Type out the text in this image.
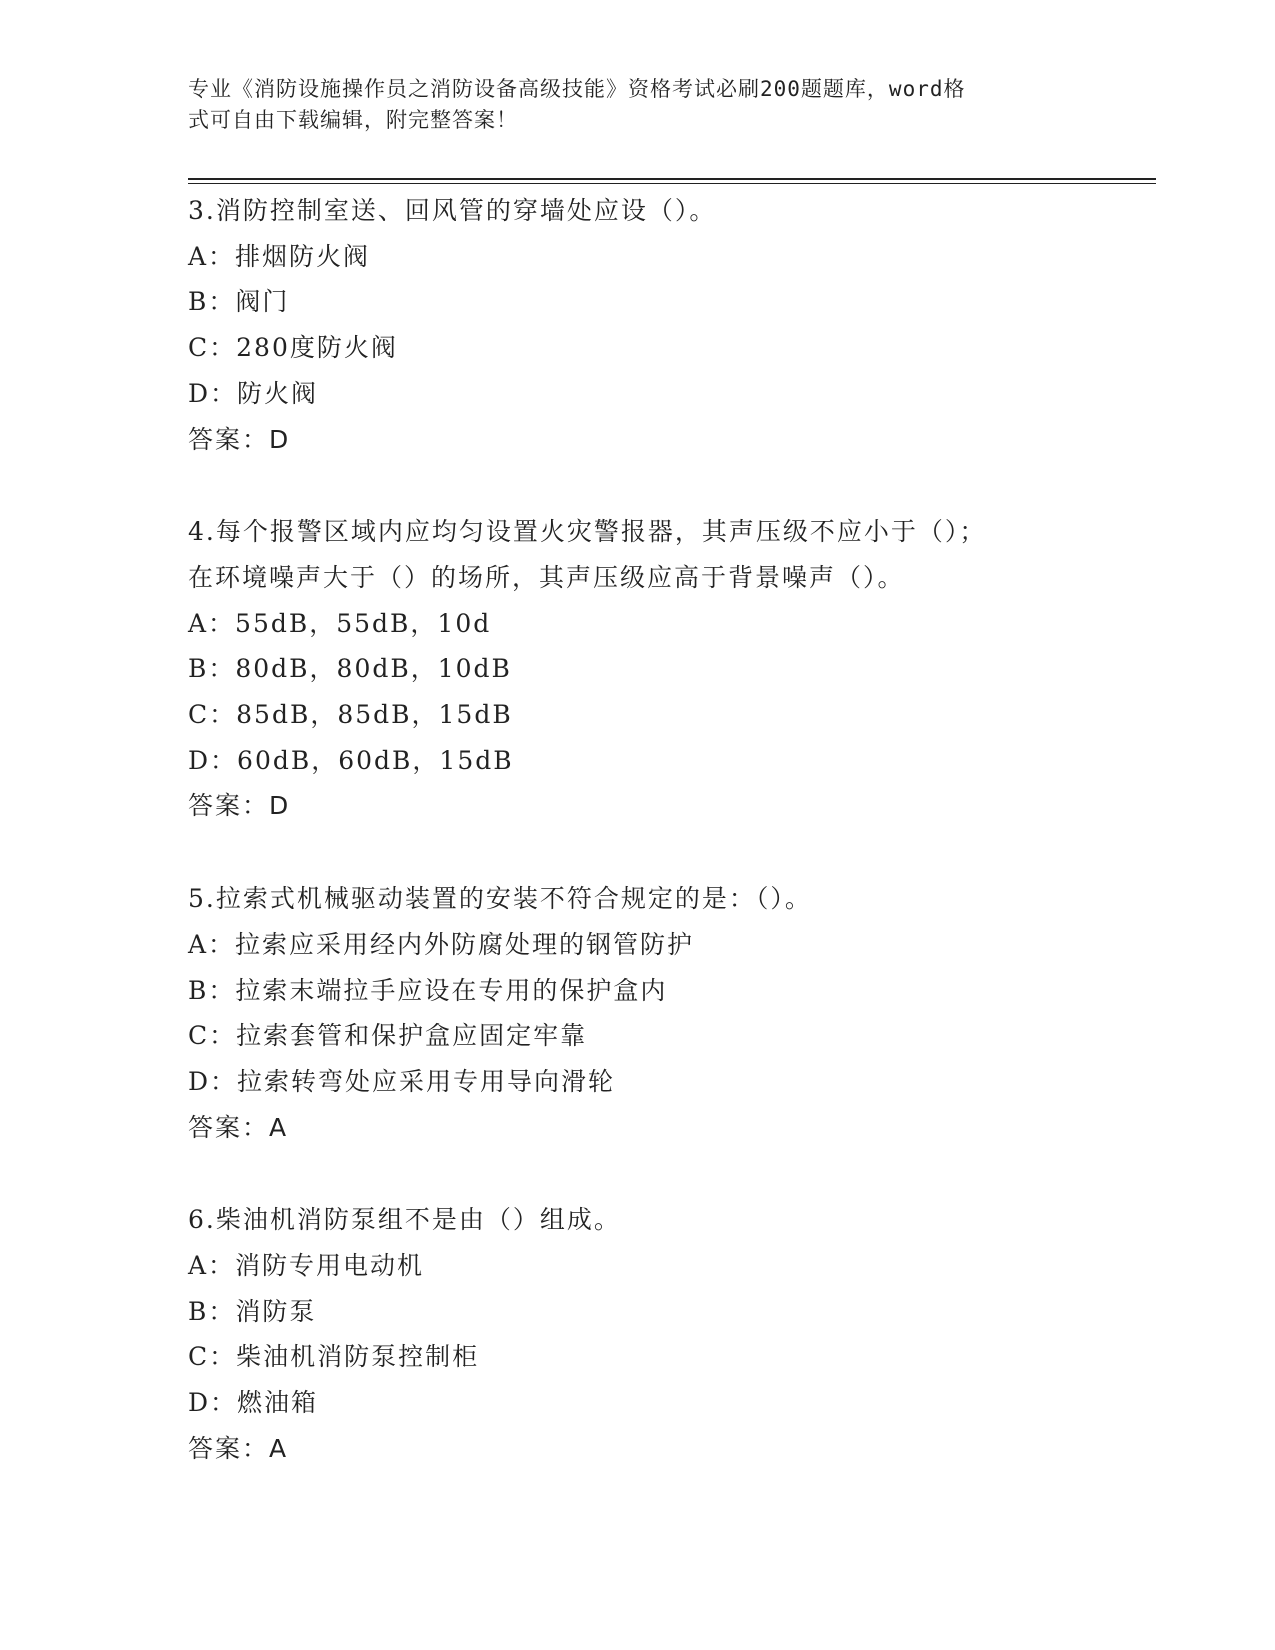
专业《消防设施操作员之消防设备高级技能》资格考试必刷200题题库，word格
式可自由下载编辑，附完整答案！
3.消防控制室送、回风管的穿墙处应设（）。
A：排烟防火阀
B：阀门
C：280度防火阀
D：防火阀
答案：D
4.每个报警区域内应均匀设置火灾警报器，其声压级不应小于（）；
在环境噪声大于（）的场所，其声压级应高于背景噪声（）。
A：55dB，55dB，10d
B：80dB，80dB，10dB
C：85dB，85dB，15dB
D：60dB，60dB，15dB
答案：D
5.拉索式机械驱动装置的安装不符合规定的是：（）。
A：拉索应采用经内外防腐处理的钢管防护
B：拉索末端拉手应设在专用的保护盒内
C：拉索套管和保护盒应固定牢靠
D：拉索转弯处应采用专用导向滑轮
答案：A
6.柴油机消防泵组不是由（）组成。
A：消防专用电动机
B：消防泵
C：柴油机消防泵控制柜
D：燃油箱
答案：A
